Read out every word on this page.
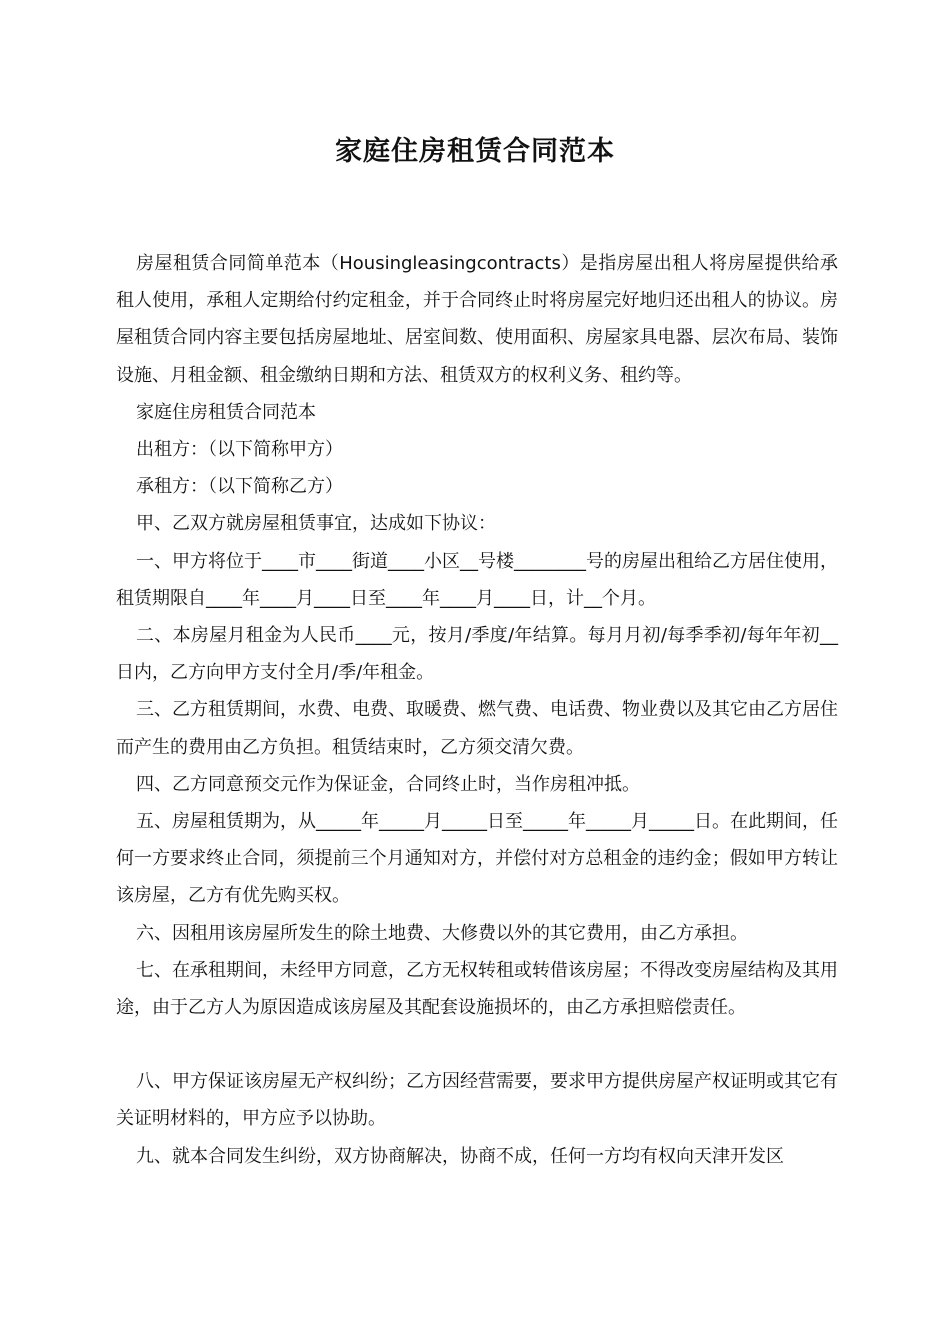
家庭住房租赁合同范本

房屋租赁合同简单范本（Housingleasingcontracts）是指房屋出租人将房屋提供给承租人使用，承租人定期给付约定租金，并于合同终止时将房屋完好地归还出租人的协议。房屋租赁合同内容主要包括房屋地址、居室间数、使用面积、房屋家具电器、层次布局、装饰设施、月租金额、租金缴纳日期和方法、租赁双方的权利义务、租约等。

家庭住房租赁合同范本

出租方：（以下简称甲方）

承租方：（以下简称乙方）

甲、乙双方就房屋租赁事宜，达成如下协议：

一、甲方将位于____市____街道____小区__号楼________号的房屋出租给乙方居住使用，租赁期限自____年____月____日至____年____月____日，计__个月。

二、本房屋月租金为人民币____元，按月/季度/年结算。每月月初/每季季初/每年年初__日内，乙方向甲方支付全月/季/年租金。

三、乙方租赁期间，水费、电费、取暖费、燃气费、电话费、物业费以及其它由乙方居住而产生的费用由乙方负担。租赁结束时，乙方须交清欠费。

四、乙方同意预交元作为保证金，合同终止时，当作房租冲抵。

五、房屋租赁期为，从_____年_____月_____日至_____年_____月_____日。在此期间，任何一方要求终止合同，须提前三个月通知对方，并偿付对方总租金的违约金；假如甲方转让该房屋，乙方有优先购买权。

六、因租用该房屋所发生的除土地费、大修费以外的其它费用，由乙方承担。

七、在承租期间，未经甲方同意，乙方无权转租或转借该房屋；不得改变房屋结构及其用途，由于乙方人为原因造成该房屋及其配套设施损坏的，由乙方承担赔偿责任。

八、甲方保证该房屋无产权纠纷；乙方因经营需要，要求甲方提供房屋产权证明或其它有关证明材料的，甲方应予以协助。

九、就本合同发生纠纷，双方协商解决，协商不成，任何一方均有权向天津开发区
